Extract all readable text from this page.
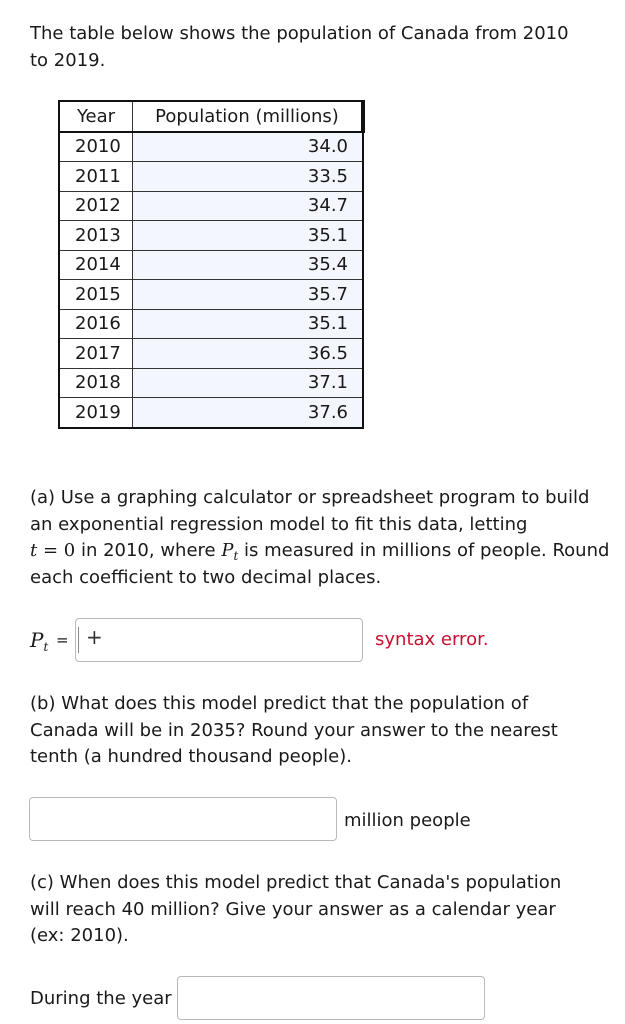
The table below shows the population of Canada from 2010 to 2019.

Year	Population (millions)
2010	34.0
2011	33.5
2012	34.7
2013	35.1
2014	35.4
2015	35.7
2016	35.1
2017	36.5
2018	37.1
2019	37.6

(a) Use a graphing calculator or spreadsheet program to build an exponential regression model to fit this data, letting
t = 0 in 2010, where $P_t$ is measured in millions of people. Round each coefficient to two decimal places.

$P_t$ = +	syntax error.

(b) What does this model predict that the population of Canada will be in 2035? Round your answer to the nearest tenth (a hundred thousand people).

million people

(c) When does this model predict that Canada's population will reach 40 million? Give your answer as a calendar year (ex: 2010).

During the year
